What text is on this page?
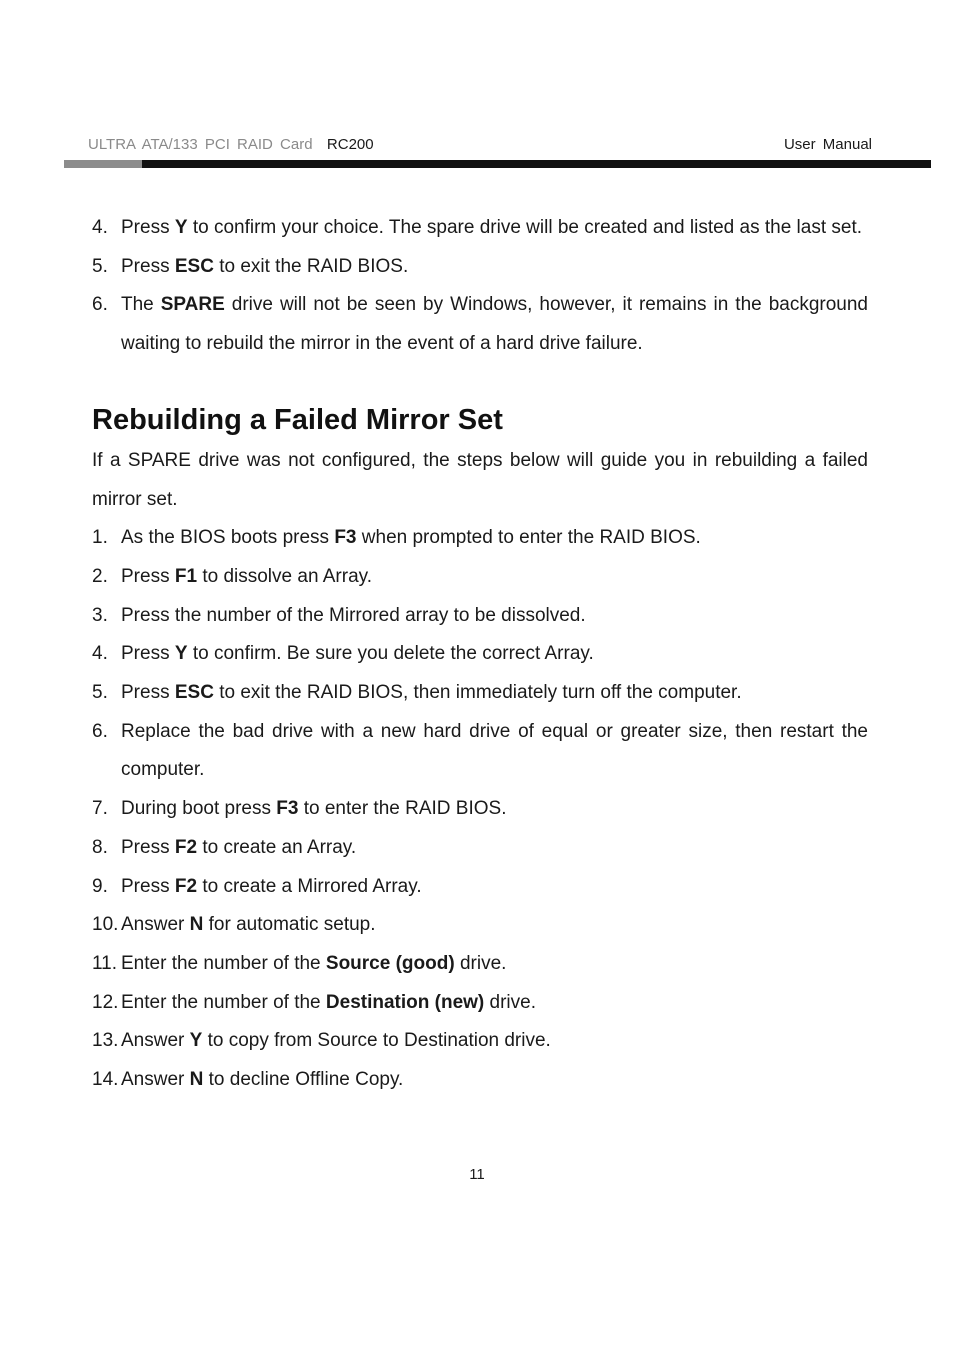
ULTRA ATA/133 PCI RAID Card RC200	User Manual
4. Press Y to confirm your choice. The spare drive will be created and listed as the last set.
5. Press ESC to exit the RAID BIOS.
6. The SPARE drive will not be seen by Windows, however, it remains in the background waiting to rebuild the mirror in the event of a hard drive failure.
Rebuilding a Failed Mirror Set

If a SPARE drive was not configured, the steps below will guide you in rebuilding a failed mirror set.

1. As the BIOS boots press F3 when prompted to enter the RAID BIOS.
2. Press F1 to dissolve an Array.
3. Press the number of the Mirrored array to be dissolved.
4. Press Y to confirm. Be sure you delete the correct Array.
5. Press ESC to exit the RAID BIOS, then immediately turn off the computer.
6. Replace the bad drive with a new hard drive of equal or greater size, then restart the computer.
7. During boot press F3 to enter the RAID BIOS.
8. Press F2 to create an Array.
9. Press F2 to create a Mirrored Array.
10. Answer N for automatic setup.
11. Enter the number of the Source (good) drive.
12. Enter the number of the Destination (new) drive.
13. Answer Y to copy from Source to Destination drive.
14. Answer N to decline Offline Copy.
11
